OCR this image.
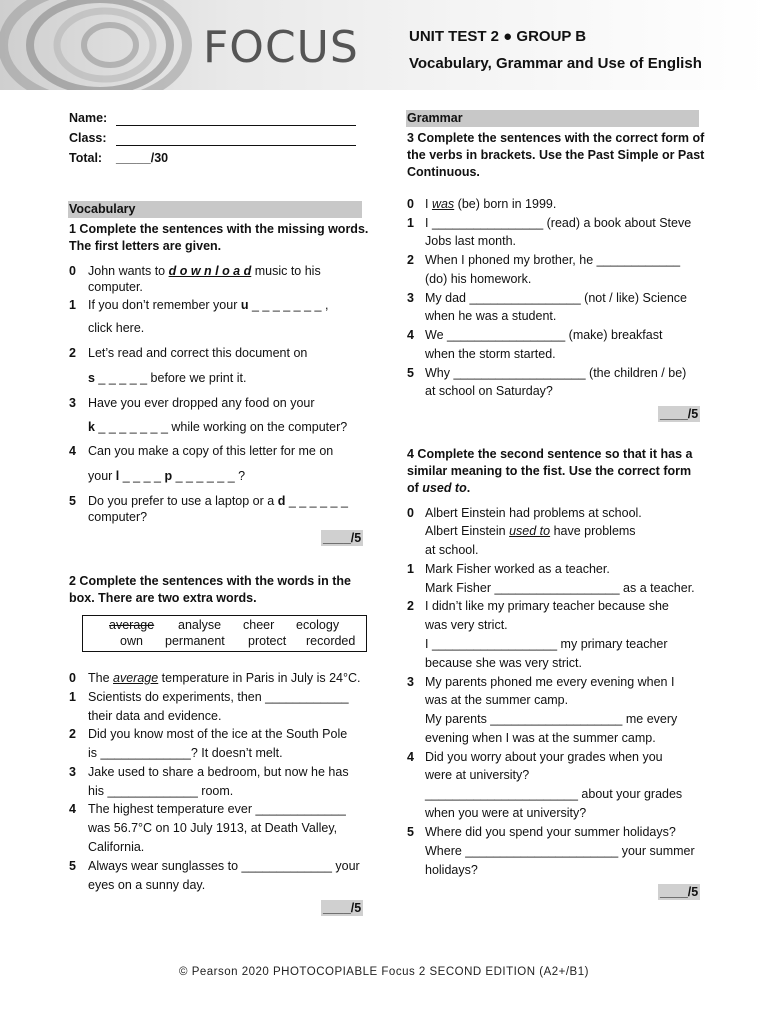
FOCUS	UNIT TEST 2 ● GROUP B
Vocabulary, Grammar and Use of English
Name:
Class:
Total: _____/30
Vocabulary
1 Complete the sentences with the missing words.
The first letters are given.
0 John wants to d o w n l o a d music to his
computer.
1 If you don’t remember your u _ _ _ _ _ _ _ ,
click here.
2 Let’s read and correct this document on
s _ _ _ _ _ before we print it.
3 Have you ever dropped any food on your
k _ _ _ _ _ _ _ while working on the computer?
4 Can you make a copy of this letter for me on
your l _ _ _ _ p _ _ _ _ _ _ ?
5 Do you prefer to use a laptop or a d _ _ _ _ _ _
computer?
____/5
2 Complete the sentences with the words in the
box. There are two extra words.
average analyse cheer ecology
own permanent protect recorded
0 The average temperature in Paris in July is 24°C.
1 Scientists do experiments, then ____________
their data and evidence.
2 Did you know most of the ice at the South Pole
is _____________? It doesn’t melt.
3 Jake used to share a bedroom, but now he has
his _____________ room.
4 The highest temperature ever _____________
was 56.7°C on 10 July 1913, at Death Valley,
California.
5 Always wear sunglasses to _____________ your
eyes on a sunny day.
____/5
Grammar
3 Complete the sentences with the correct form of
the verbs in brackets. Use the Past Simple or Past
Continuous.
0 I was (be) born in 1999.
1 I ________________ (read) a book about Steve
Jobs last month.
2 When I phoned my brother, he ____________
(do) his homework.
3 My dad ________________ (not / like) Science
when he was a student.
4 We _________________ (make) breakfast
when the storm started.
5 Why ___________________ (the children / be)
at school on Saturday?
____/5
4 Complete the second sentence so that it has a
similar meaning to the fist. Use the correct form
of used to.
0 Albert Einstein had problems at school.
Albert Einstein used to have problems
at school.
1 Mark Fisher worked as a teacher.
Mark Fisher __________________ as a teacher.
2 I didn’t like my primary teacher because she
was very strict.
I __________________ my primary teacher
because she was very strict.
3 My parents phoned me every evening when I
was at the summer camp.
My parents ___________________ me every
evening when I was at the summer camp.
4 Did you worry about your grades when you
were at university?
______________________ about your grades
when you were at university?
5 Where did you spend your summer holidays?
Where ______________________ your summer
holidays?
____/5
© Pearson 2020 PHOTOCOPIABLE Focus 2 SECOND EDITION (A2+/B1)
